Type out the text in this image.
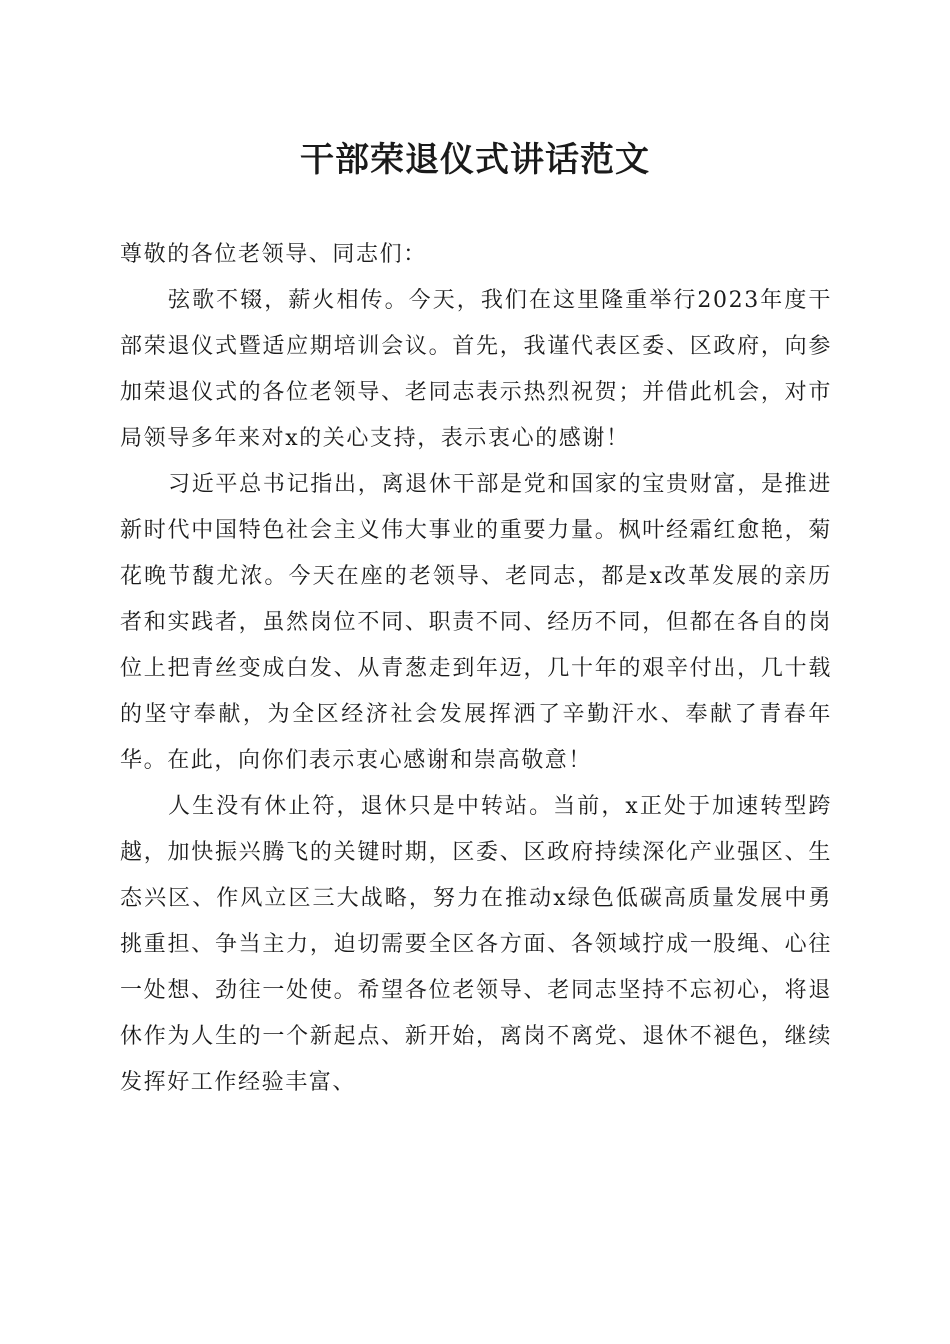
干部荣退仪式讲话范文

尊敬的各位老领导、同志们：

弦歌不辍，薪火相传。今天，我们在这里隆重举行2023年度干部荣退仪式暨适应期培训会议。首先，我谨代表区委、区政府，向参加荣退仪式的各位老领导、老同志表示热烈祝贺；并借此机会，对市局领导多年来对x的关心支持，表示衷心的感谢！

习近平总书记指出，离退休干部是党和国家的宝贵财富，是推进新时代中国特色社会主义伟大事业的重要力量。枫叶经霜红愈艳，菊花晚节馥尤浓。今天在座的老领导、老同志，都是x改革发展的亲历者和实践者，虽然岗位不同、职责不同、经历不同，但都在各自的岗位上把青丝变成白发、从青葱走到年迈，几十年的艰辛付出，几十载的坚守奉献，为全区经济社会发展挥洒了辛勤汗水、奉献了青春年华。在此，向你们表示衷心感谢和崇高敬意！

人生没有休止符，退休只是中转站。当前，x正处于加速转型跨越，加快振兴腾飞的关键时期，区委、区政府持续深化产业强区、生态兴区、作风立区三大战略，努力在推动x绿色低碳高质量发展中勇挑重担、争当主力，迫切需要全区各方面、各领域拧成一股绳、心往一处想、劲往一处使。希望各位老领导、老同志坚持不忘初心，将退休作为人生的一个新起点、新开始，离岗不离党、退休不褪色，继续发挥好工作经验丰富、
